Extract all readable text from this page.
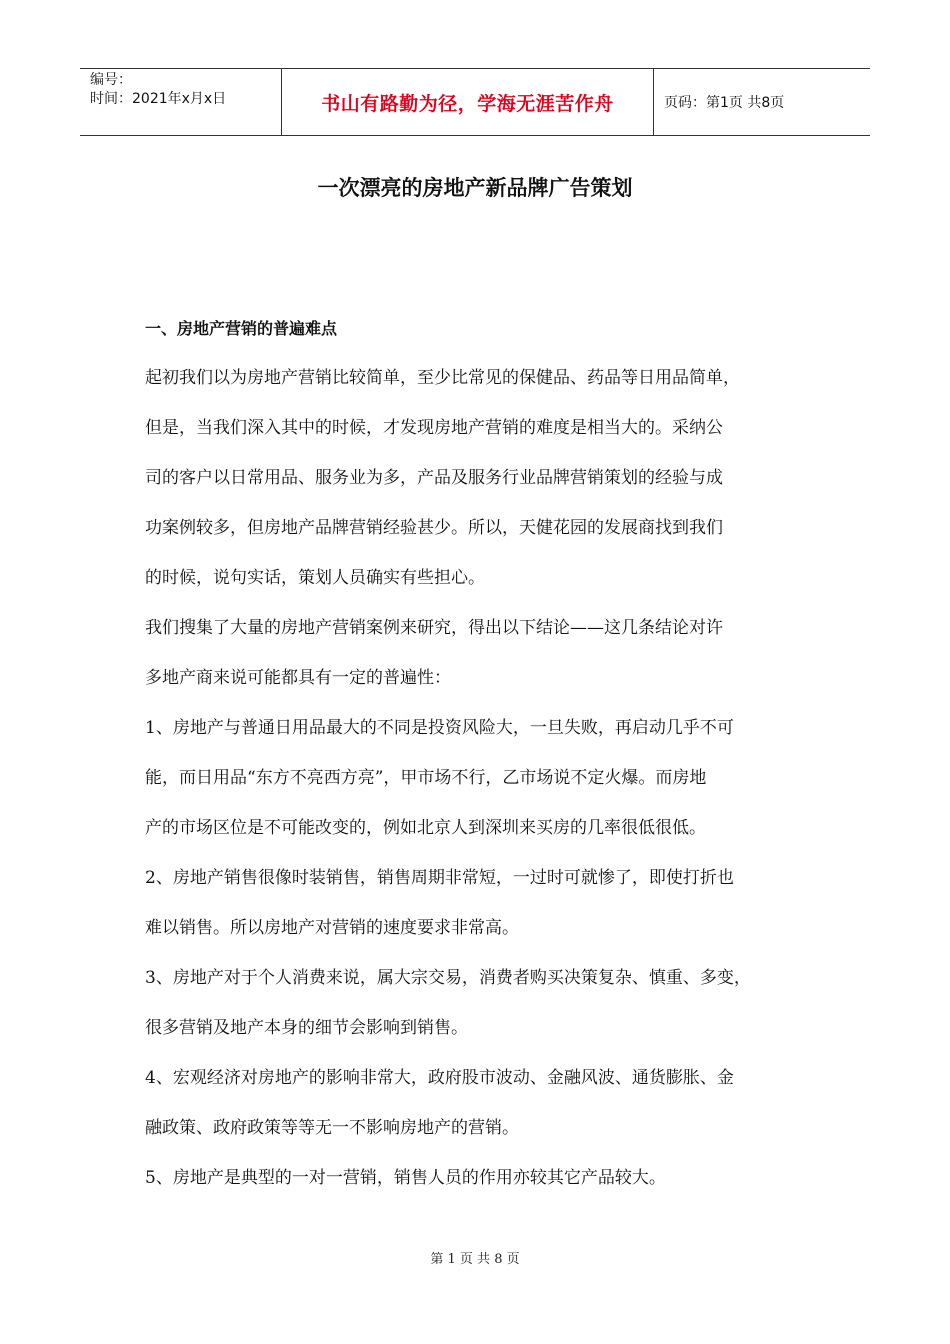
编号：
时间：2021年x月x日	书山有路勤为径，学海无涯苦作舟	页码：第1页 共8页
一次漂亮的房地产新品牌广告策划
一、房地产营销的普遍难点
起初我们以为房地产营销比较简单，至少比常见的保健品、药品等日用品简单，
但是，当我们深入其中的时候，才发现房地产营销的难度是相当大的。采纳公
司的客户以日常用品、服务业为多，产品及服务行业品牌营销策划的经验与成
功案例较多，但房地产品牌营销经验甚少。所以，天健花园的发展商找到我们
的时候，说句实话，策划人员确实有些担心。
我们搜集了大量的房地产营销案例来研究，得出以下结论——这几条结论对许
多地产商来说可能都具有一定的普遍性：
1、房地产与普通日用品最大的不同是投资风险大，一旦失败，再启动几乎不可
能，而日用品“东方不亮西方亮”，甲市场不行，乙市场说不定火爆。而房地
产的市场区位是不可能改变的，例如北京人到深圳来买房的几率很低很低。
2、房地产销售很像时装销售，销售周期非常短，一过时可就惨了，即使打折也
难以销售。所以房地产对营销的速度要求非常高。
3、房地产对于个人消费来说，属大宗交易，消费者购买决策复杂、慎重、多变，
很多营销及地产本身的细节会影响到销售。
4、宏观经济对房地产的影响非常大，政府股市波动、金融风波、通货膨胀、金
融政策、政府政策等等无一不影响房地产的营销。
5、房地产是典型的一对一营销，销售人员的作用亦较其它产品较大。
第 1 页 共 8 页
